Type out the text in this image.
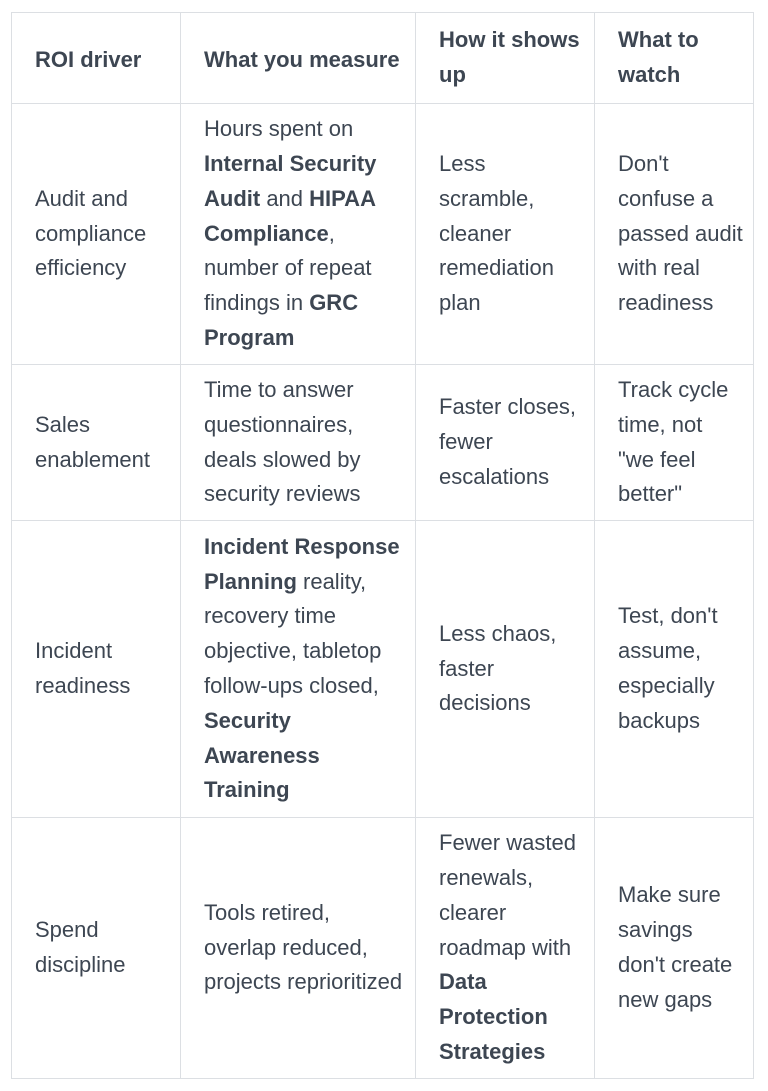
ROI driver	What you measure	How it shows up	What to watch
Audit and compliance efficiency	Hours spent on Internal Security Audit and HIPAA Compliance, number of repeat findings in GRC Program	Less scramble, cleaner remediation plan	Don't confuse a passed audit with real readiness
Sales enablement	Time to answer questionnaires, deals slowed by security reviews	Faster closes, fewer escalations	Track cycle time, not "we feel better"
Incident readiness	Incident Response Planning reality, recovery time objective, tabletop follow-ups closed, Security Awareness Training	Less chaos, faster decisions	Test, don't assume, especially backups
Spend discipline	Tools retired, overlap reduced, projects reprioritized	Fewer wasted renewals, clearer roadmap with Data Protection Strategies	Make sure savings don't create new gaps
